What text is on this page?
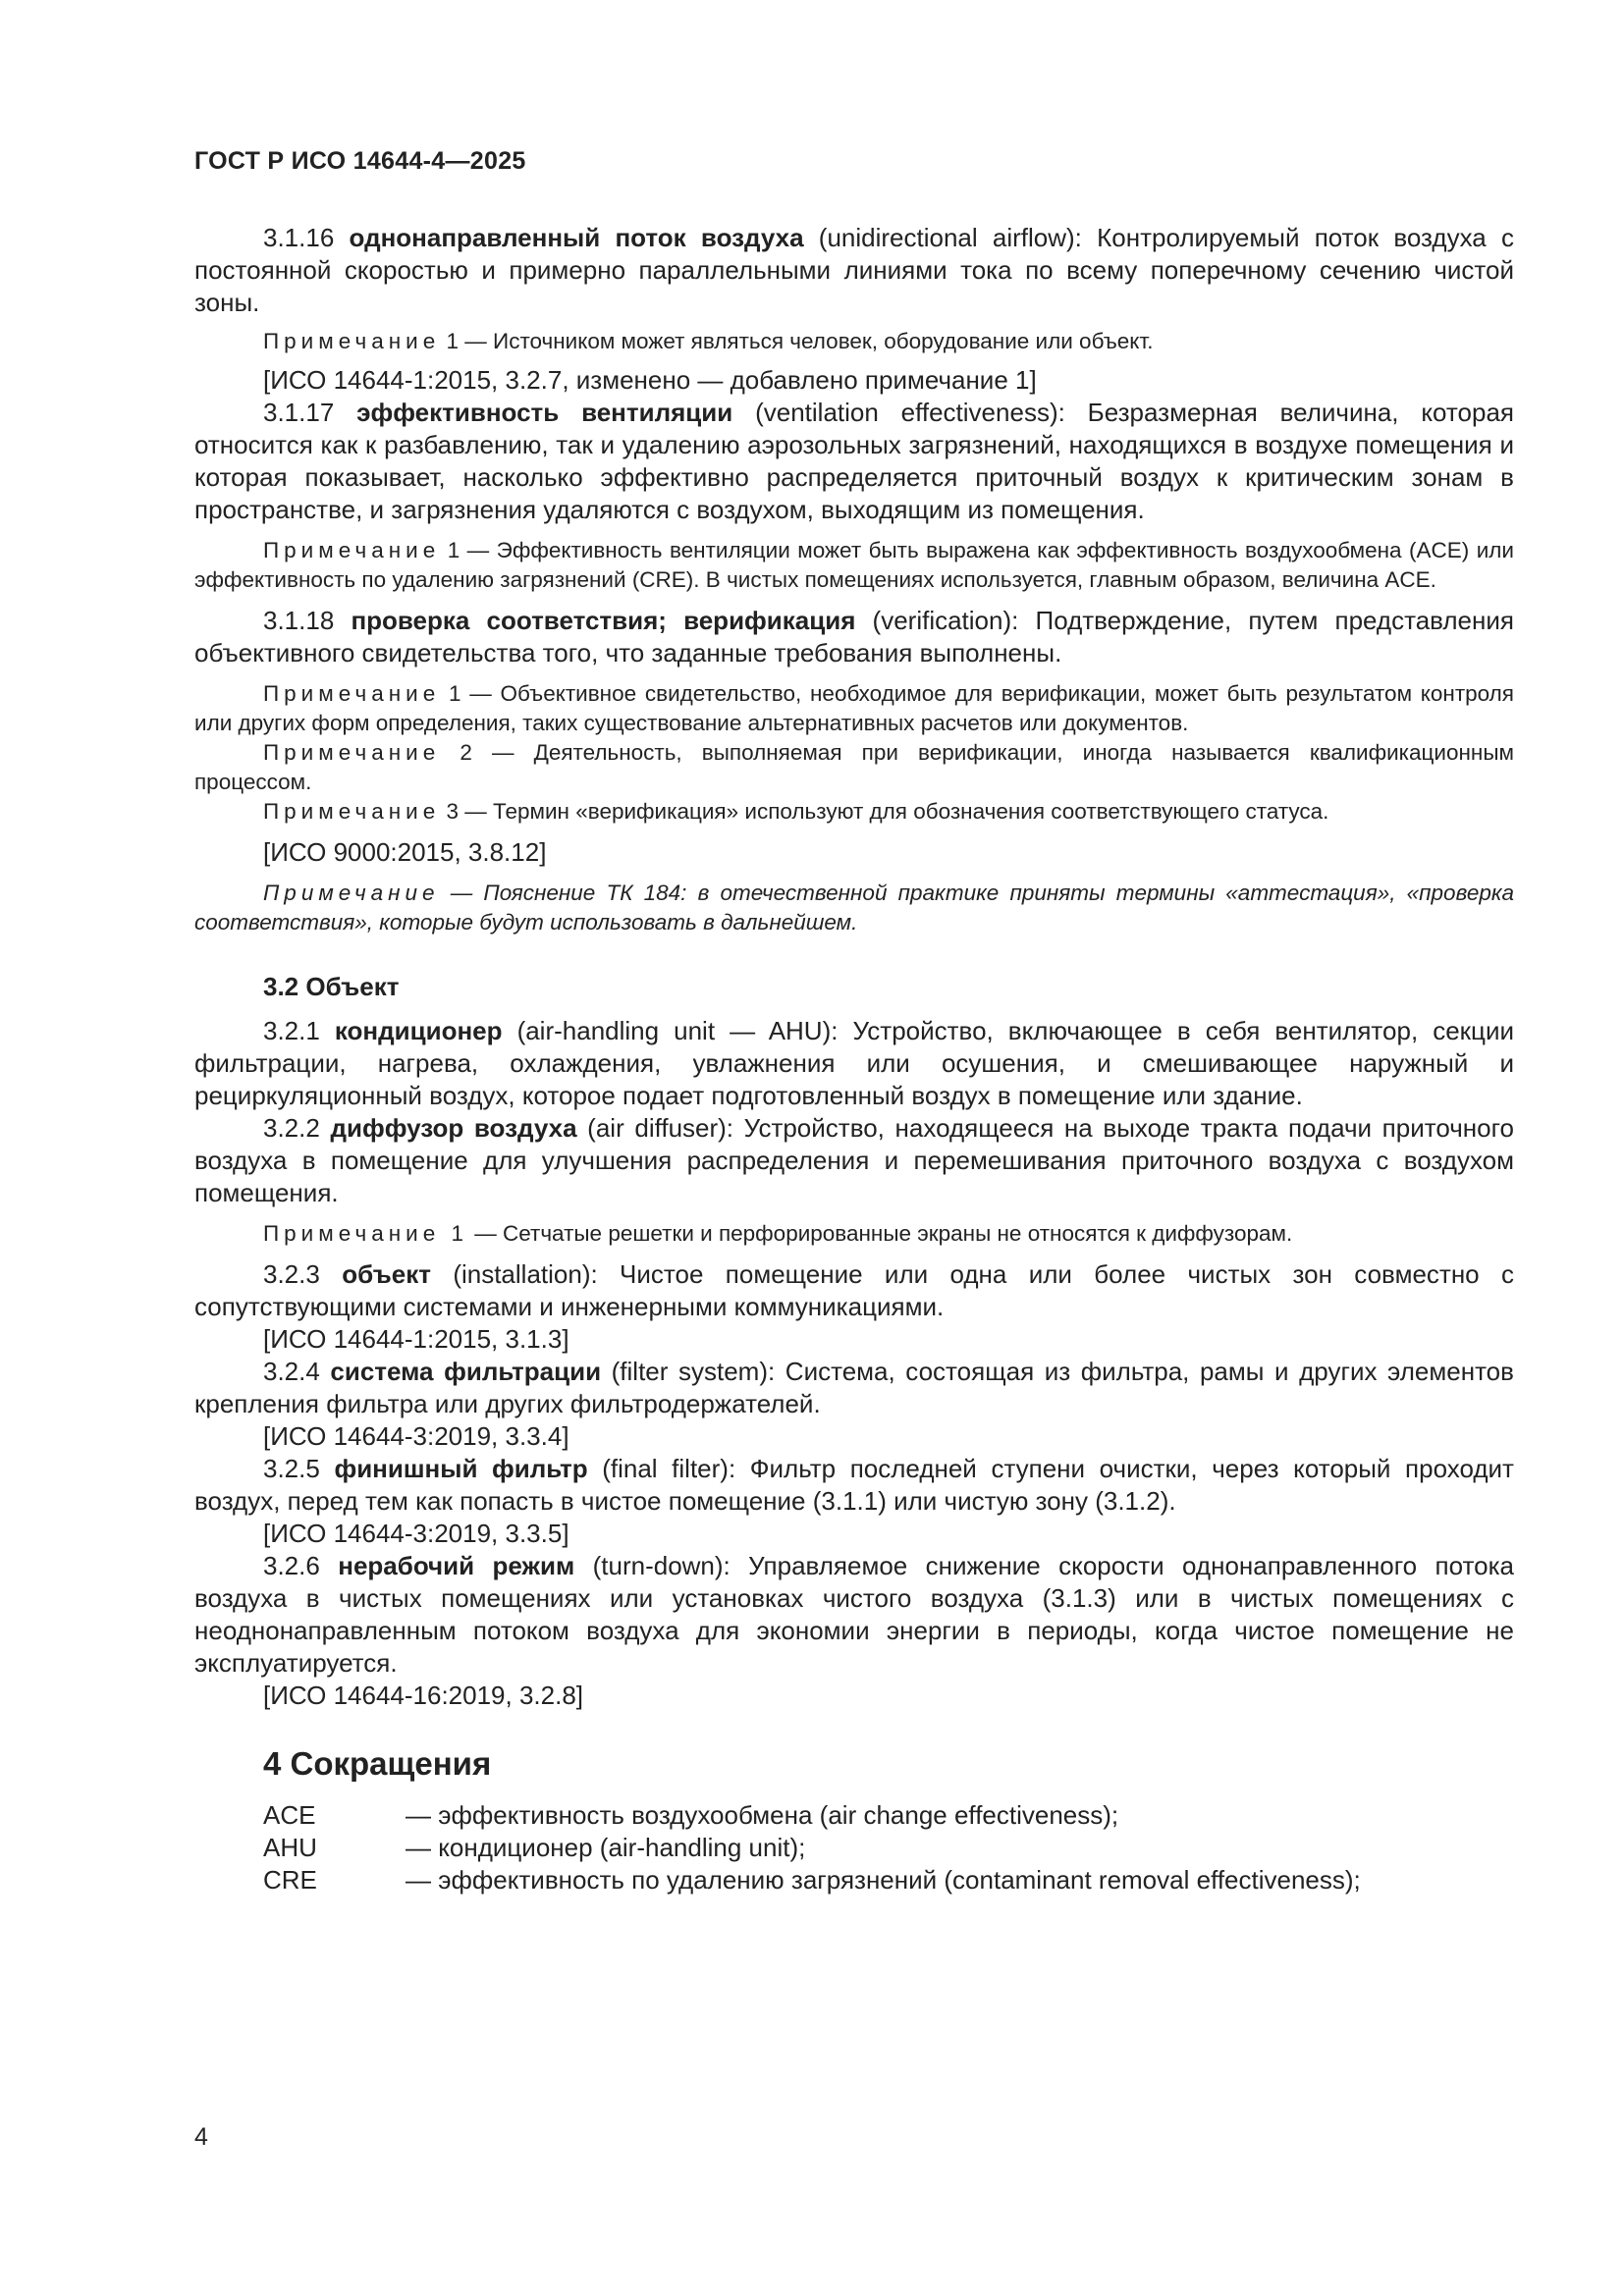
ГОСТ Р ИСО 14644-4—2025

3.1.16 однонаправленный поток воздуха (unidirectional airflow): Контролируемый поток воздуха с постоянной скоростью и примерно параллельными линиями тока по всему поперечному сечению чистой зоны.

Примечание 1 — Источником может являться человек, оборудование или объект.

[ИСО 14644-1:2015, 3.2.7, изменено — добавлено примечание 1]

3.1.17 эффективность вентиляции (ventilation effectiveness): Безразмерная величина, которая относится как к разбавлению, так и удалению аэрозольных загрязнений, находящихся в воздухе помещения и которая показывает, насколько эффективно распределяется приточный воздух к критическим зонам в пространстве, и загрязнения удаляются с воздухом, выходящим из помещения.

Примечание 1 — Эффективность вентиляции может быть выражена как эффективность воздухообмена (ACE) или эффективность по удалению загрязнений (CRE). В чистых помещениях используется, главным образом, величина ACE.

3.1.18 проверка соответствия; верификация (verification): Подтверждение, путем представления объективного свидетельства того, что заданные требования выполнены.

Примечание 1 — Объективное свидетельство, необходимое для верификации, может быть результатом контроля или других форм определения, таких существование альтернативных расчетов или документов.

Примечание 2 — Деятельность, выполняемая при верификации, иногда называется квалификационным процессом.

Примечание 3 — Термин «верификация» используют для обозначения соответствующего статуса.

[ИСО 9000:2015, 3.8.12]

Примечание — Пояснение ТК 184: в отечественной практике приняты термины «аттестация», «проверка соответствия», которые будут использовать в дальнейшем.

3.2 Объект

3.2.1 кондиционер (air-handling unit — AHU): Устройство, включающее в себя вентилятор, секции фильтрации, нагрева, охлаждения, увлажнения или осушения, и смешивающее наружный и рециркуляционный воздух, которое подает подготовленный воздух в помещение или здание.

3.2.2 диффузор воздуха (air diffuser): Устройство, находящееся на выходе тракта подачи приточного воздуха в помещение для улучшения распределения и перемешивания приточного воздуха с воздухом помещения.

Примечание 1 — Сетчатые решетки и перфорированные экраны не относятся к диффузорам.

3.2.3 объект (installation): Чистое помещение или одна или более чистых зон совместно с сопутствующими системами и инженерными коммуникациями.

[ИСО 14644-1:2015, 3.1.3]

3.2.4 система фильтрации (filter system): Система, состоящая из фильтра, рамы и других элементов крепления фильтра или других фильтродержателей.

[ИСО 14644-3:2019, 3.3.4]

3.2.5 финишный фильтр (final filter): Фильтр последней ступени очистки, через который проходит воздух, перед тем как попасть в чистое помещение (3.1.1) или чистую зону (3.1.2).

[ИСО 14644-3:2019, 3.3.5]

3.2.6 нерабочий режим (turn-down): Управляемое снижение скорости однонаправленного потока воздуха в чистых помещениях или установках чистого воздуха (3.1.3) или в чистых помещениях с неоднонаправленным потоком воздуха для экономии энергии в периоды, когда чистое помещение не эксплуатируется.

[ИСО 14644-16:2019, 3.2.8]

4 Сокращения

ACE	— эффективность воздухообмена (air change effectiveness);
AHU	— кондиционер (air-handling unit);
CRE	— эффективность по удалению загрязнений (contaminant removal effectiveness);
4
